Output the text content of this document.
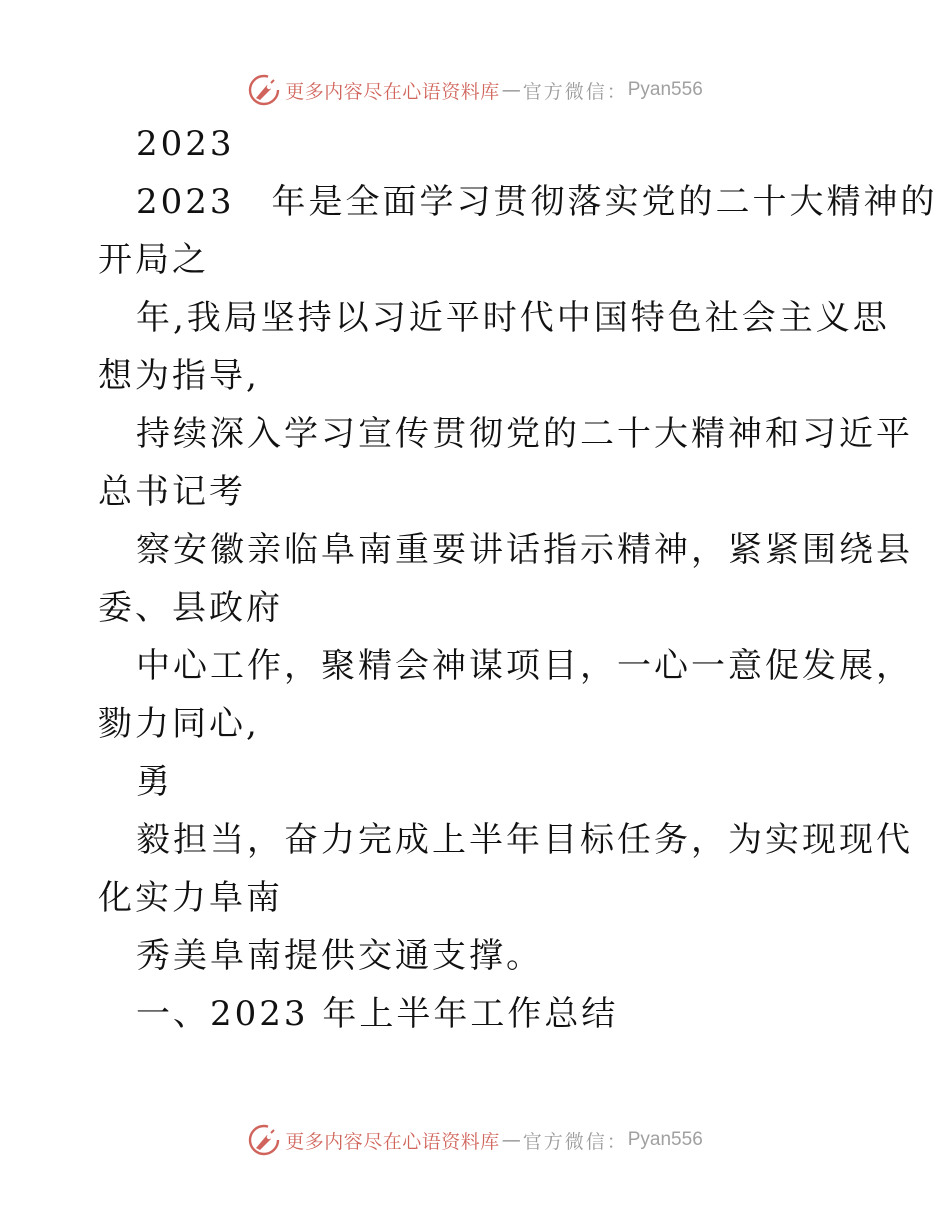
更多内容尽在心语资料库 — 官方微信： Pyan556
2023
2023　年是全面学习贯彻落实党的二十大精神的
开局之
年,我局坚持以习近平时代中国特色社会主义思
想为指导,
持续深入学习宣传贯彻党的二十大精神和习近平
总书记考
察安徽亲临阜南重要讲话指示精神，紧紧围绕县
委、县政府
中心工作，聚精会神谋项目，一心一意促发展，
勠力同心,
勇
毅担当，奋力完成上半年目标任务，为实现现代
化实力阜南
秀美阜南提供交通支撑。
一、2023 年上半年工作总结
更多内容尽在心语资料库 — 官方微信： Pyan556
